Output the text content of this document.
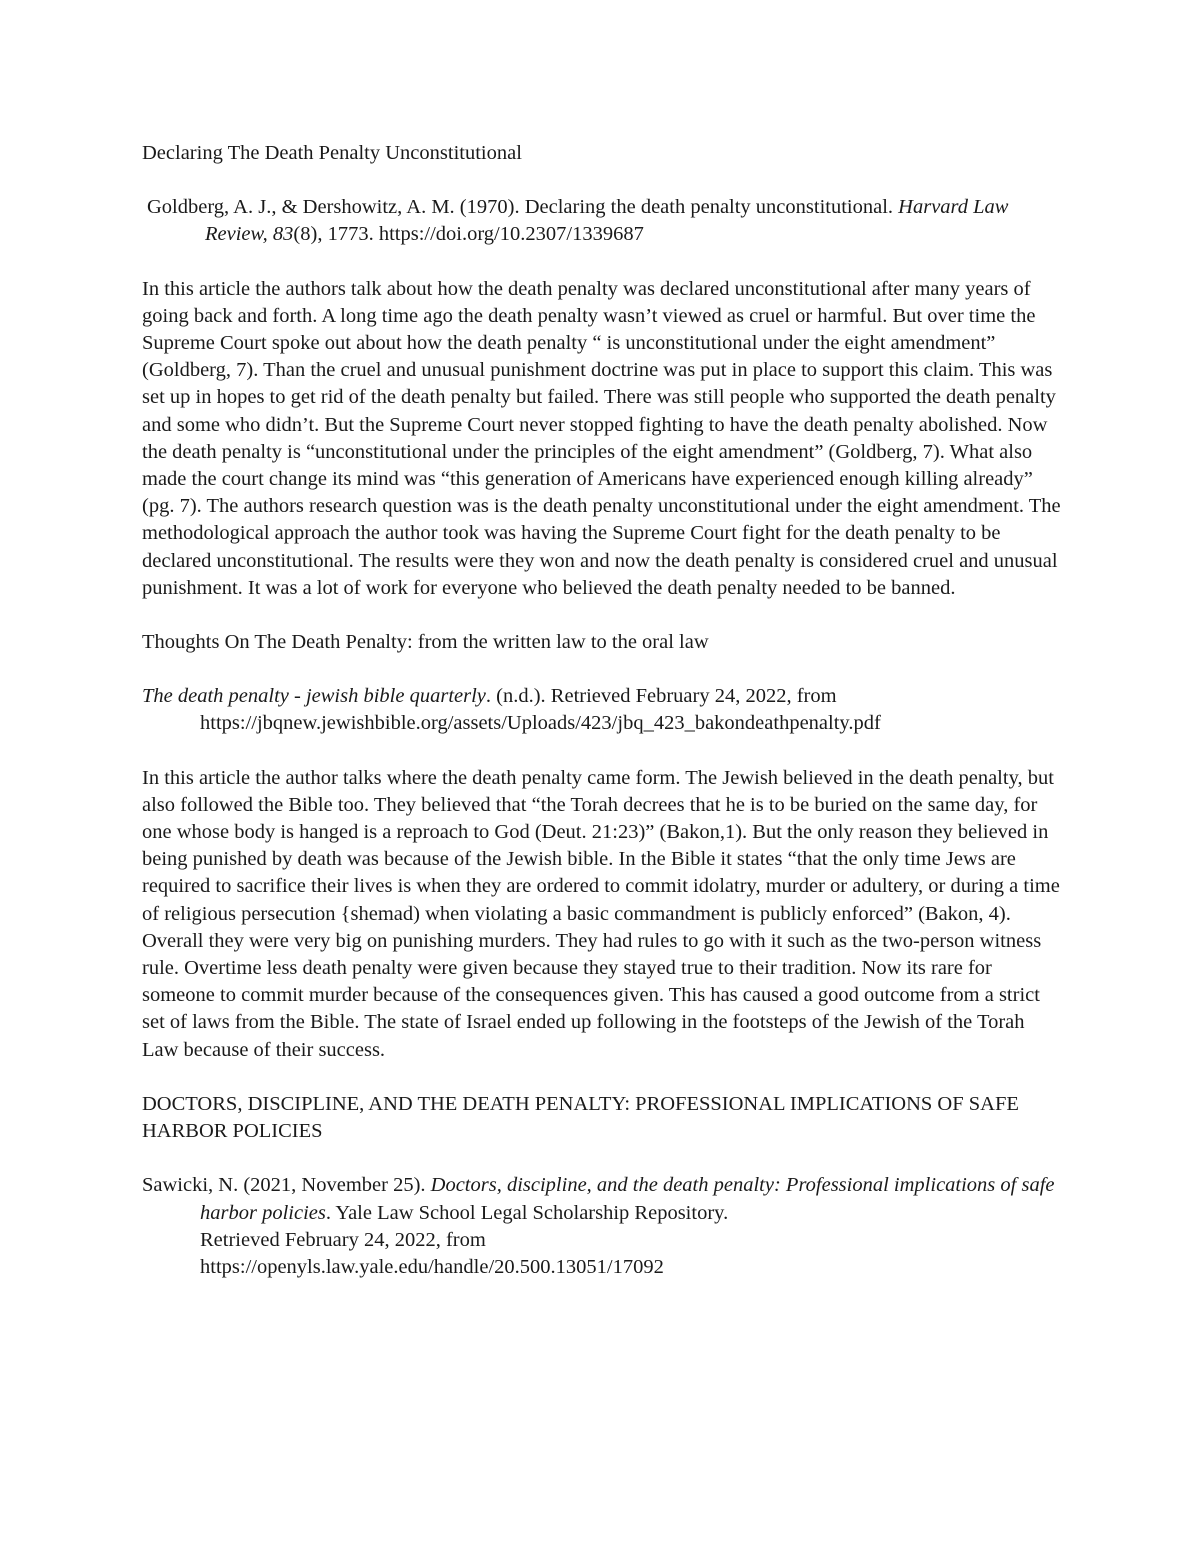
Declaring The Death Penalty Unconstitutional

Goldberg, A. J., & Dershowitz, A. M. (1970). Declaring the death penalty unconstitutional. Harvard Law Review, 83(8), 1773. https://doi.org/10.2307/1339687

In this article the authors talk about how the death penalty was declared unconstitutional after many years of going back and forth. A long time ago the death penalty wasn’t viewed as cruel or harmful. But over time the Supreme Court spoke out about how the death penalty “ is unconstitutional under the eight amendment” (Goldberg, 7). Than the cruel and unusual punishment doctrine was put in place to support this claim. This was set up in hopes to get rid of the death penalty but failed. There was still people who supported the death penalty and some who didn’t. But the Supreme Court never stopped fighting to have the death penalty abolished. Now the death penalty is “unconstitutional under the principles of the eight amendment” (Goldberg, 7). What also made the court change its mind was “this generation of Americans have experienced enough killing already” (pg. 7). The authors research question was is the death penalty unconstitutional under the eight amendment. The methodological approach the author took was having the Supreme Court fight for the death penalty to be declared unconstitutional. The results were they won and now the death penalty is considered cruel and unusual punishment. It was a lot of work for everyone who believed the death penalty needed to be banned.

Thoughts On The Death Penalty: from the written law to the oral law

The death penalty - jewish bible quarterly. (n.d.). Retrieved February 24, 2022, from https://jbqnew.jewishbible.org/assets/Uploads/423/jbq_423_bakondeathpenalty.pdf

In this article the author talks where the death penalty came form. The Jewish believed in the death penalty, but also followed the Bible too. They believed that “the Torah decrees that he is to be buried on the same day, for one whose body is hanged is a reproach to God (Deut. 21:23)” (Bakon,1). But the only reason they believed in being punished by death was because of the Jewish bible. In the Bible it states “that the only time Jews are required to sacrifice their lives is when they are ordered to commit idolatry, murder or adultery, or during a time of religious persecution {shemad) when violating a basic commandment is publicly enforced” (Bakon, 4). Overall they were very big on punishing murders. They had rules to go with it such as the two-person witness rule. Overtime less death penalty were given because they stayed true to their tradition. Now its rare for someone to commit murder because of the consequences given. This has caused a good outcome from a strict set of laws from the Bible. The state of Israel ended up following in the footsteps of the Jewish of the Torah Law because of their success.

DOCTORS, DISCIPLINE, AND THE DEATH PENALTY: PROFESSIONAL IMPLICATIONS OF SAFE HARBOR POLICIES

Sawicki, N. (2021, November 25). Doctors, discipline, and the death penalty: Professional implications of safe harbor policies. Yale Law School Legal Scholarship Repository.
Retrieved February 24, 2022, from
https://openyls.law.yale.edu/handle/20.500.13051/17092
